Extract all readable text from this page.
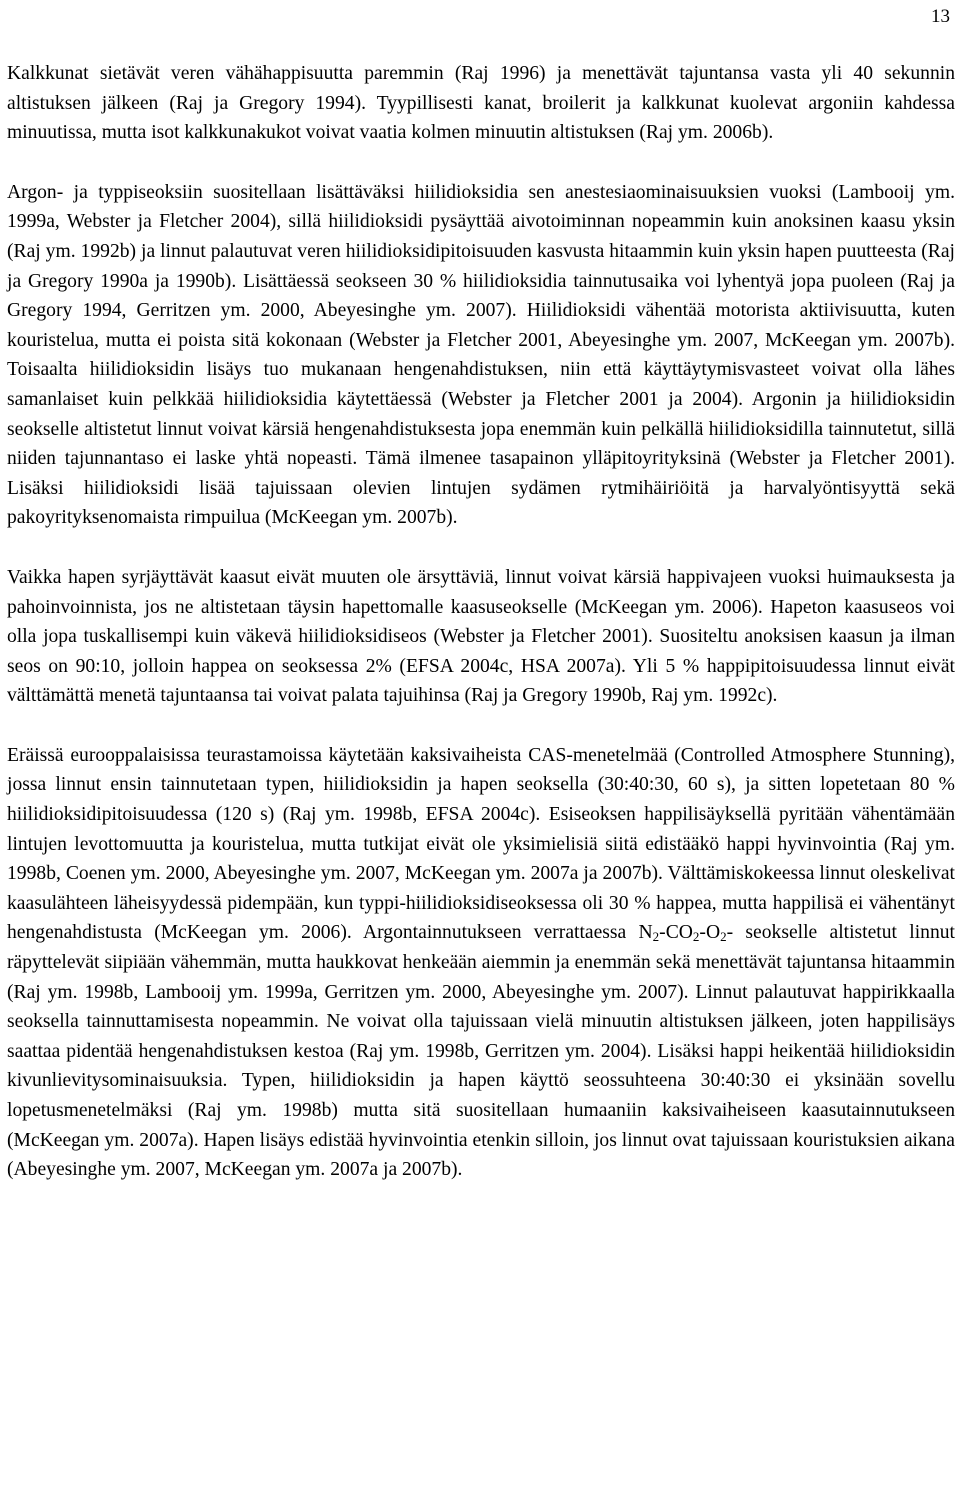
13

Kalkkunat sietävät veren vähähappisuutta paremmin (Raj 1996) ja menettävät tajuntansa vasta yli 40 sekunnin altistuksen jälkeen (Raj ja Gregory 1994). Tyypillisesti kanat, broilerit ja kalkkunat kuolevat argoniin kahdessa minuutissa, mutta isot kalkkunakukot voivat vaatia kolmen minuutin altistuksen (Raj ym. 2006b).

Argon- ja typpiseoksiin suositellaan lisättäväksi hiilidioksidia sen anestesiaominaisuuksien vuoksi (Lambooij ym. 1999a, Webster ja Fletcher 2004), sillä hiilidioksidi pysäyttää aivotoiminnan nopeammin kuin anoksinen kaasu yksin (Raj ym. 1992b) ja linnut palautuvat veren hiilidioksidipitoisuuden kasvusta hitaammin kuin yksin hapen puutteesta (Raj ja Gregory 1990a ja 1990b). Lisättäessä seokseen 30 % hiilidioksidia tainnutusaika voi lyhentyä jopa puoleen (Raj ja Gregory 1994, Gerritzen ym. 2000, Abeyesinghe ym. 2007). Hiilidioksidi vähentää motorista aktiivisuutta, kuten kouristelua, mutta ei poista sitä kokonaan (Webster ja Fletcher 2001, Abeyesinghe ym. 2007, McKeegan ym. 2007b). Toisaalta hiilidioksidin lisäys tuo mukanaan hengenahdistuksen, niin että käyttäytymisvasteet voivat olla lähes samanlaiset kuin pelkkää hiilidioksidia käytettäessä (Webster ja Fletcher 2001 ja 2004). Argonin ja hiilidioksidin seokselle altistetut linnut voivat kärsiä hengenahdistuksesta jopa enemmän kuin pelkällä hiilidioksidilla tainnutetut, sillä niiden tajunnantaso ei laske yhtä nopeasti. Tämä ilmenee tasapainon ylläpitoyrityksinä (Webster ja Fletcher 2001). Lisäksi hiilidioksidi lisää tajuissaan olevien lintujen sydämen rytmihäiriöitä ja harvalyöntisyyttä sekä pakoyrityksenomaista rimpuilua (McKeegan ym. 2007b).

Vaikka hapen syrjäyttävät kaasut eivät muuten ole ärsyttäviä, linnut voivat kärsiä happivajeen vuoksi huimauksesta ja pahoinvoinnista, jos ne altistetaan täysin hapettomalle kaasuseokselle (McKeegan ym. 2006). Hapeton kaasuseos voi olla jopa tuskallisempi kuin väkevä hiilidioksidiseos (Webster ja Fletcher 2001). Suositeltu anoksisen kaasun ja ilman seos on 90:10, jolloin happea on seoksessa 2% (EFSA 2004c, HSA 2007a). Yli 5 % happipitoisuudessa linnut eivät välttämättä menetä tajuntaansa tai voivat palata tajuihinsa (Raj ja Gregory 1990b, Raj ym. 1992c).

Eräissä eurooppalaisissa teurastamoissa käytetään kaksivaiheista CAS-menetelmää (Controlled Atmosphere Stunning), jossa linnut ensin tainnutetaan typen, hiilidioksidin ja hapen seoksella (30:40:30, 60 s), ja sitten lopetetaan 80 % hiilidioksidipitoisuudessa (120 s) (Raj ym. 1998b, EFSA 2004c). Esiseoksen happilisäyksellä pyritään vähentämään lintujen levottomuutta ja kouristelua, mutta tutkijat eivät ole yksimielisiä siitä edistääkö happi hyvinvointia (Raj ym. 1998b, Coenen ym. 2000, Abeyesinghe ym. 2007, McKeegan ym. 2007a ja 2007b). Välttämiskokeessa linnut oleskelivat kaasulähteen läheisyydessä pidempään, kun typpi-hiilidioksidiseoksessa oli 30 % happea, mutta happilisä ei vähentänyt hengenahdistusta (McKeegan ym. 2006). Argontainnutukseen verrattaessa $N_2-CO_2-O_2-$ seokselle altistetut linnut räpyttelevät siipiään vähemmän, mutta haukkovat henkeään aiemmin ja enemmän sekä menettävät tajuntansa hitaammin (Raj ym. 1998b, Lambooij ym. 1999a, Gerritzen ym. 2000, Abeyesinghe ym. 2007). Linnut palautuvat happirikkaalla seoksella tainnuttamisesta nopeammin. Ne voivat olla tajuissaan vielä minuutin altistuksen jälkeen, joten happilisäys saattaa pidentää hengenahdistuksen kestoa (Raj ym. 1998b, Gerritzen ym. 2004). Lisäksi happi heikentää hiilidioksidin kivunlievitysominaisuuksia. Typen, hiilidioksidin ja hapen käyttö seossuhteena 30:40:30 ei yksinään sovellu lopetusmenetelmäksi (Raj ym. 1998b) mutta sitä suositellaan humaaniin kaksivaiheiseen kaasutainnutukseen (McKeegan ym. 2007a). Hapen lisäys edistää hyvinvointia etenkin silloin, jos linnut ovat tajuissaan kouristuksien aikana (Abeyesinghe ym. 2007, McKeegan ym. 2007a ja 2007b).
